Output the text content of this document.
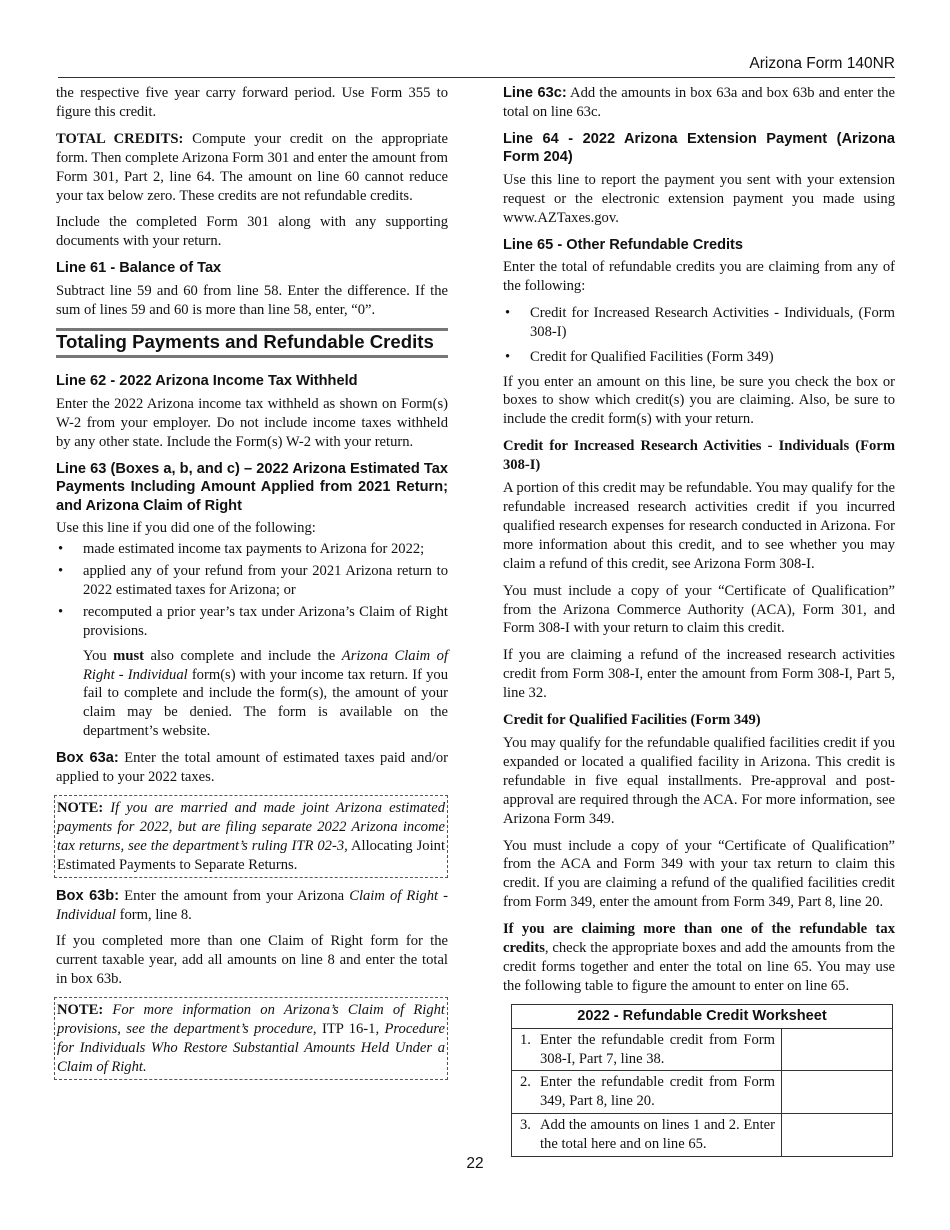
Arizona Form 140NR

the respective five year carry forward period. Use Form 355 to figure this credit.

TOTAL CREDITS: Compute your credit on the appropriate form. Then complete Arizona Form 301 and enter the amount from Form 301, Part 2, line 64. The amount on line 60 cannot reduce your tax below zero. These credits are not refundable credits.

Include the completed Form 301 along with any supporting documents with your return.

Line 61 - Balance of Tax

Subtract line 59 and 60 from line 58. Enter the difference. If the sum of lines 59 and 60 is more than line 58, enter, “0”.

Totaling Payments and Refundable Credits
Line 62 - 2022 Arizona Income Tax Withheld

Enter the 2022 Arizona income tax withheld as shown on Form(s) W-2 from your employer. Do not include income taxes withheld by any other state. Include the Form(s) W-2 with your return.

Line 63 (Boxes a, b, and c) – 2022 Arizona Estimated Tax Payments Including Amount Applied from 2021 Return; and Arizona Claim of Right

Use this line if you did one of the following:

• made estimated income tax payments to Arizona for 2022;
• applied any of your refund from your 2021 Arizona return to 2022 estimated taxes for Arizona; or
• recomputed a prior year’s tax under Arizona’s Claim of Right provisions.

You must also complete and include the Arizona Claim of Right - Individual form(s) with your income tax return. If you fail to complete and include the form(s), the amount of your claim may be denied. The form is available on the department’s website.

Box 63a: Enter the total amount of estimated taxes paid and/or applied to your 2022 taxes.

NOTE: If you are married and made joint Arizona estimated payments for 2022, but are filing separate 2022 Arizona income tax returns, see the department’s ruling ITR 02-3, Allocating Joint Estimated Payments to Separate Returns.

Box 63b: Enter the amount from your Arizona Claim of Right - Individual form, line 8.

If you completed more than one Claim of Right form for the current taxable year, add all amounts on line 8 and enter the total in box 63b.

NOTE: For more information on Arizona’s Claim of Right provisions, see the department’s procedure, ITP 16-1, Procedure for Individuals Who Restore Substantial Amounts Held Under a Claim of Right.

Line 63c: Add the amounts in box 63a and box 63b and enter the total on line 63c.

Line 64 - 2022 Arizona Extension Payment (Arizona Form 204)

Use this line to report the payment you sent with your extension request or the electronic extension payment you made using www.AZTaxes.gov.

Line 65 - Other Refundable Credits

Enter the total of refundable credits you are claiming from any of the following:

• Credit for Increased Research Activities - Individuals, (Form 308-I)
• Credit for Qualified Facilities (Form 349)

If you enter an amount on this line, be sure you check the box or boxes to show which credit(s) you are claiming. Also, be sure to include the credit form(s) with your return.

Credit for Increased Research Activities - Individuals (Form 308-I)

A portion of this credit may be refundable. You may qualify for the refundable increased research activities credit if you incurred qualified research expenses for research conducted in Arizona. For more information about this credit, and to see whether you may claim a refund of this credit, see Arizona Form 308-I.

You must include a copy of your “Certificate of Qualification” from the Arizona Commerce Authority (ACA), Form 301, and Form 308-I with your return to claim this credit.

If you are claiming a refund of the increased research activities credit from Form 308-I, enter the amount from Form 308-I, Part 5, line 32.

Credit for Qualified Facilities (Form 349)

You may qualify for the refundable qualified facilities credit if you expanded or located a qualified facility in Arizona. This credit is refundable in five equal installments. Pre-approval and post-approval are required through the ACA. For more information, see Arizona Form 349.

You must include a copy of your “Certificate of Qualification” from the ACA and Form 349 with your tax return to claim this credit. If you are claiming a refund of the qualified facilities credit from Form 349, enter the amount from Form 349, Part 8, line 20.

If you are claiming more than one of the refundable tax credits, check the appropriate boxes and add the amounts from the credit forms together and enter the total on line 65. You may use the following table to figure the amount to enter on line 65.

2022 - Refundable Credit Worksheet	

1. Enter the refundable credit from Form 308-I, Part 7, line 38.	

2. Enter the refundable credit from Form 349, Part 8, line 20.	

3. Add the amounts on lines 1 and 2. Enter the total here and on line 65.	

22
